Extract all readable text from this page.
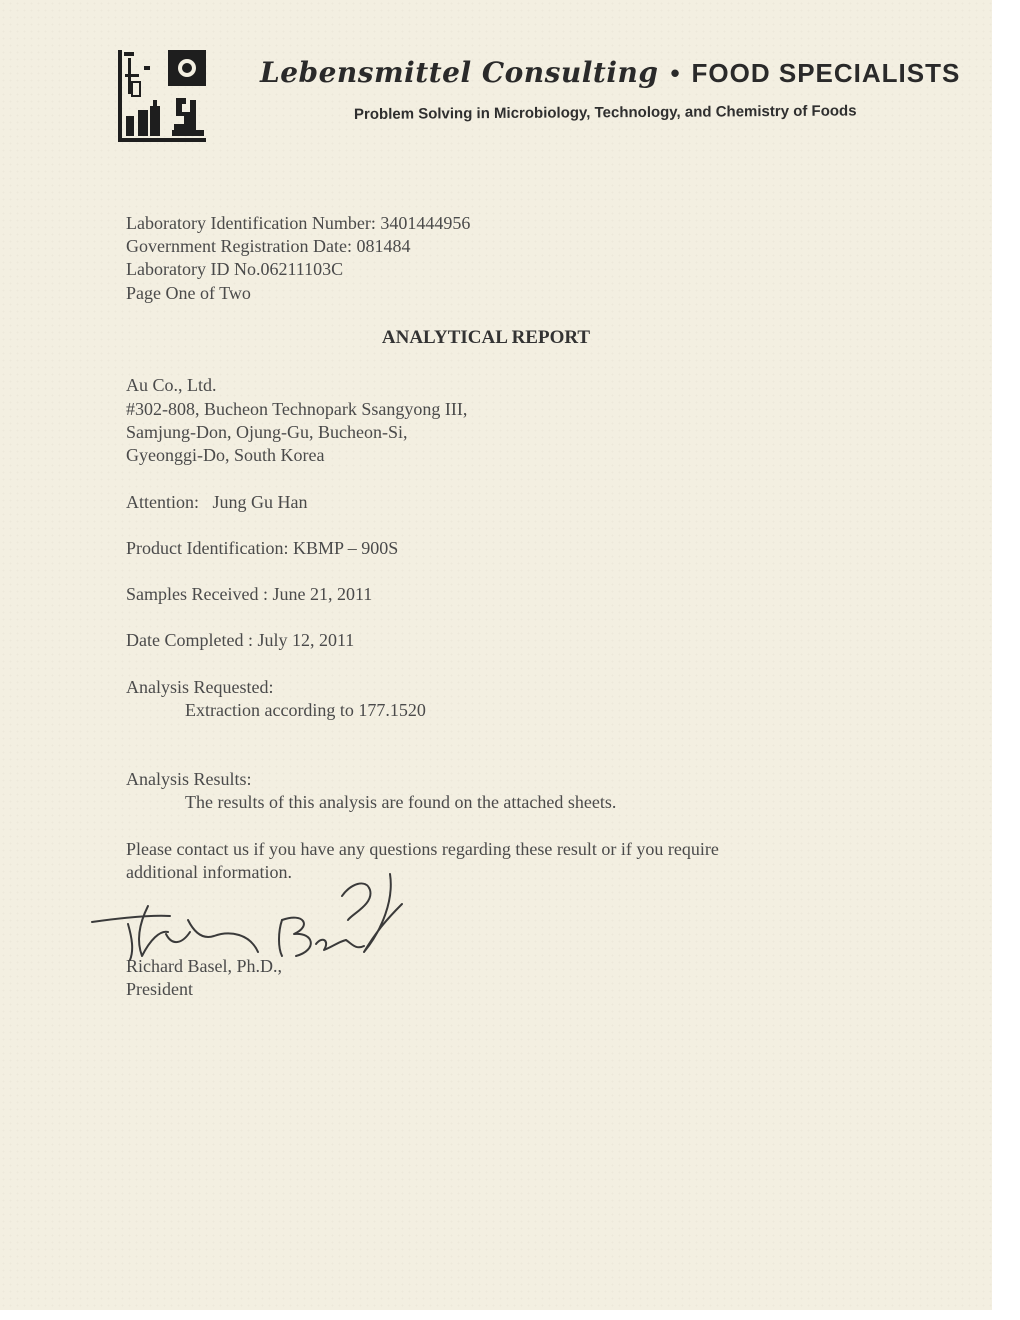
Lebensmittel Consulting • FOOD SPECIALISTS
Problem Solving in Microbiology, Technology, and Chemistry of Foods
Laboratory Identification Number: 3401444956
Government Registration Date: 081484
Laboratory ID No.06211103C
Page One of Two
ANALYTICAL REPORT
Au Co., Ltd.
#302-808, Bucheon Technopark Ssangyong III,
Samjung-Don, Ojung-Gu, Bucheon-Si,
Gyeonggi-Do, South Korea
Attention: Jung Gu Han
Product Identification: KBMP – 900S
Samples Received : June 21, 2011
Date Completed : July 12, 2011
Analysis Requested:
Extraction according to 177.1520
Analysis Results:
The results of this analysis are found on the attached sheets.
Please contact us if you have any questions regarding these result or if you require
additional information.
Richard Basel, Ph.D.,
President
